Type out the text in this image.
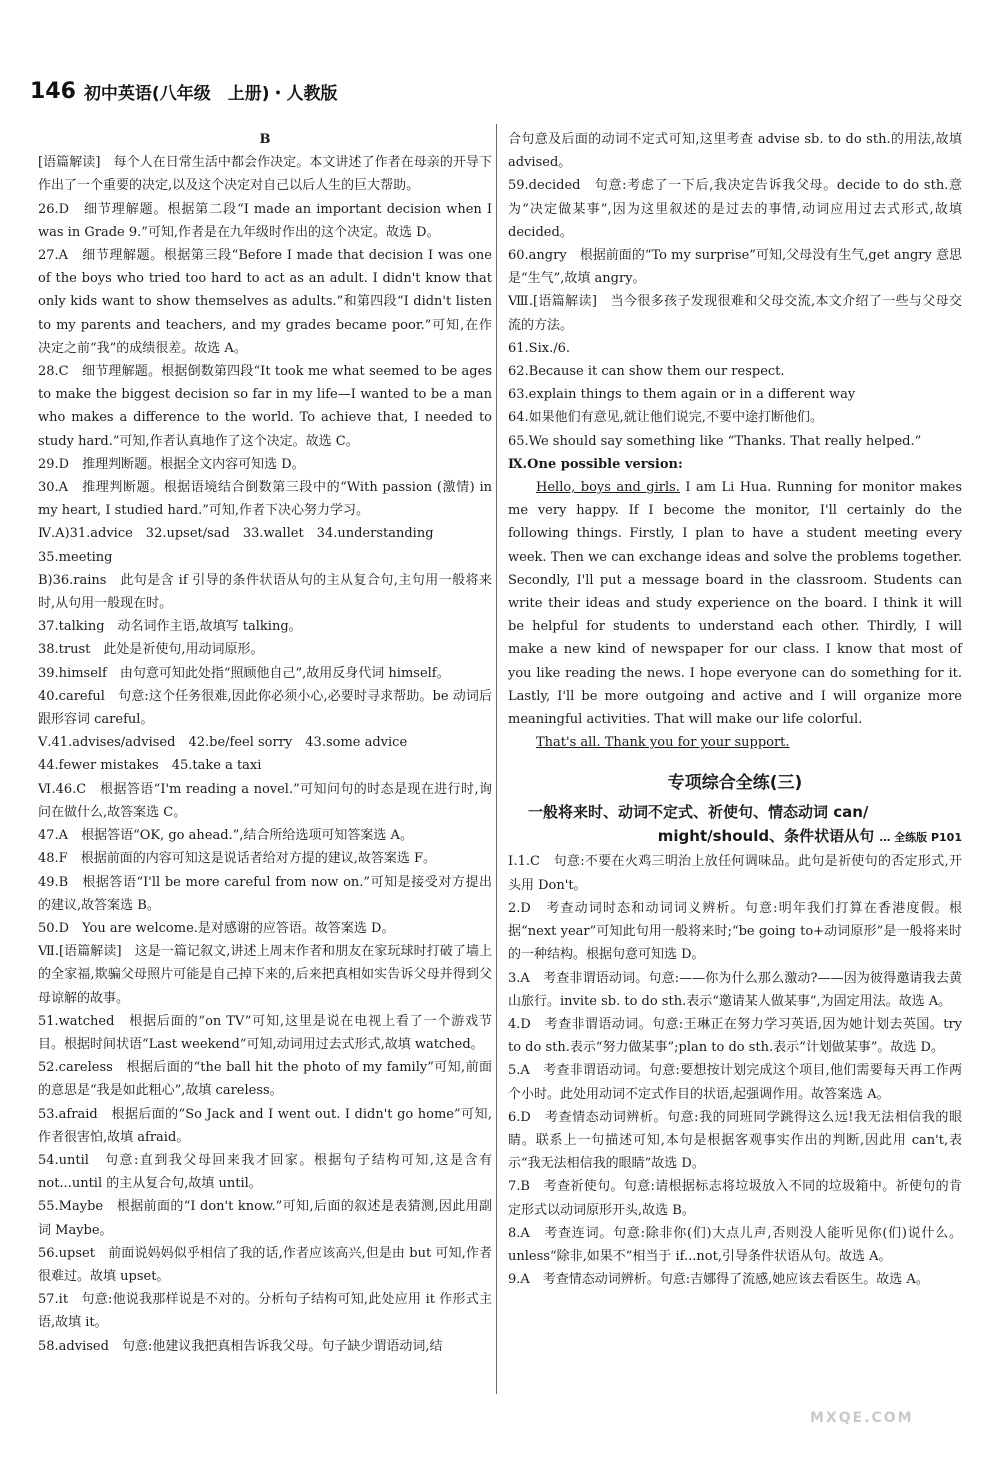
146 初中英语(八年级　上册)・人教版

B

[语篇解读]　每个人在日常生活中都会作决定。本文讲述了作者在母亲的开导下作出了一个重要的决定,以及这个决定对自己以后人生的巨大帮助。

26.D　细节理解题。根据第二段“I made an important decision when I was in Grade 9.”可知,作者是在九年级时作出的这个决定。故选 D。

27.A　细节理解题。根据第三段“Before I made that decision I was one of the boys who tried too hard to act as an adult. I didn't know that only kids want to show themselves as adults.”和第四段“I didn't listen to my parents and teachers, and my grades became poor.”可知,在作决定之前“我”的成绩很差。故选 A。

28.C　细节理解题。根据倒数第四段“It took me what seemed to be ages to make the biggest decision so far in my life—I wanted to be a man who makes a difference to the world. To achieve that, I needed to study hard.”可知,作者认真地作了这个决定。故选 C。

29.D　推理判断题。根据全文内容可知选 D。

30.A　推理判断题。根据语境结合倒数第三段中的“With passion (激情) in my heart, I studied hard.”可知,作者下决心努力学习。

Ⅳ.A)31.advice　32.upset/sad　33.wallet　34.understanding

35.meeting

B)36.rains　此句是含 if 引导的条件状语从句的主从复合句,主句用一般将来时,从句用一般现在时。

37.talking　动名词作主语,故填写 talking。

38.trust　此处是祈使句,用动词原形。

39.himself　由句意可知此处指“照顾他自己”,故用反身代词 himself。

40.careful　句意:这个任务很难,因此你必须小心,必要时寻求帮助。be 动词后跟形容词 careful。

Ⅴ.41.advises/advised　42.be/feel sorry　43.some advice

44.fewer mistakes　45.take a taxi

Ⅵ.46.C　根据答语“I'm reading a novel.”可知问句的时态是现在进行时,询问在做什么,故答案选 C。

47.A　根据答语“OK, go ahead.”,结合所给选项可知答案选 A。

48.F　根据前面的内容可知这是说话者给对方提的建议,故答案选 F。

49.B　根据答语“I'll be more careful from now on.”可知是接受对方提出的建议,故答案选 B。

50.D　You are welcome.是对感谢的应答语。故答案选 D。

Ⅶ.[语篇解读]　这是一篇记叙文,讲述上周末作者和朋友在家玩球时打破了墙上的全家福,欺骗父母照片可能是自己掉下来的,后来把真相如实告诉父母并得到父母谅解的故事。

51.watched　根据后面的“on TV”可知,这里是说在电视上看了一个游戏节目。根据时间状语“Last weekend”可知,动词用过去式形式,故填 watched。

52.careless　根据后面的“the ball hit the photo of my family”可知,前面的意思是“我是如此粗心”,故填 careless。

53.afraid　根据后面的“So Jack and I went out. I didn't go home”可知,作者很害怕,故填 afraid。

54.until　句意:直到我父母回来我才回家。根据句子结构可知,这是含有 not...until 的主从复合句,故填 until。

55.Maybe　根据前面的“I don't know.”可知,后面的叙述是表猜测,因此用副词 Maybe。

56.upset　前面说妈妈似乎相信了我的话,作者应该高兴,但是由 but 可知,作者很难过。故填 upset。

57.it　句意:他说我那样说是不对的。分析句子结构可知,此处应用 it 作形式主语,故填 it。

58.advised　句意:他建议我把真相告诉我父母。句子缺少谓语动词,结

合句意及后面的动词不定式可知,这里考查 advise sb. to do sth.的用法,故填 advised。

59.decided　句意:考虑了一下后,我决定告诉我父母。decide to do sth.意为“决定做某事”,因为这里叙述的是过去的事情,动词应用过去式形式,故填 decided。

60.angry　根据前面的“To my surprise”可知,父母没有生气,get angry 意思是“生气”,故填 angry。

Ⅷ.[语篇解读]　当今很多孩子发现很难和父母交流,本文介绍了一些与父母交流的方法。

61.Six./6.

62.Because it can show them our respect.

63.explain things to them again or in a different way

64.如果他们有意见,就让他们说完,不要中途打断他们。

65.We should say something like “Thanks. That really helped.”

Ⅸ.One possible version:

Hello, boys and girls. I am Li Hua. Running for monitor makes me very happy. If I become the monitor, I'll certainly do the following things. Firstly, I plan to have a student meeting every week. Then we can exchange ideas and solve the problems together. Secondly, I'll put a message board in the classroom. Students can write their ideas and study experience on the board. I think it will be helpful for students to understand each other. Thirdly, I will make a new kind of newspaper for our class. I know that most of you like reading the news. I hope everyone can do something for it. Lastly, I'll be more outgoing and active and I will organize more meaningful activities. That will make our life colorful.

That's all. Thank you for your support.

专项综合全练(三)
一般将来时、动词不定式、祈使句、情态动词 can/
might/should、条件状语从句 … 全练版 P101

Ⅰ.1.C　句意:不要在火鸡三明治上放任何调味品。此句是祈使句的否定形式,开头用 Don't。

2.D　考查动词时态和动词词义辨析。句意:明年我们打算在香港度假。根据“next year”可知此句用一般将来时;“be going to+动词原形”是一般将来时的一种结构。根据句意可知选 D。

3.A　考查非谓语动词。句意:——你为什么那么激动?——因为彼得邀请我去黄山旅行。invite sb. to do sth.表示“邀请某人做某事”,为固定用法。故选 A。

4.D　考查非谓语动词。句意:王琳正在努力学习英语,因为她计划去英国。try to do sth.表示“努力做某事”;plan to do sth.表示“计划做某事”。故选 D。

5.A　考查非谓语动词。句意:要想按计划完成这个项目,他们需要每天再工作两个小时。此处用动词不定式作目的状语,起强调作用。故答案选 A。

6.D　考查情态动词辨析。句意:我的同班同学跳得这么远!我无法相信我的眼睛。联系上一句描述可知,本句是根据客观事实作出的判断,因此用 can't,表示“我无法相信我的眼睛”故选 D。

7.B　考查祈使句。句意:请根据标志将垃圾放入不同的垃圾箱中。祈使句的肯定形式以动词原形开头,故选 B。

8.A　考查连词。句意:除非你(们)大点儿声,否则没人能听见你(们)说什么。unless“除非,如果不”相当于 if...not,引导条件状语从句。故选 A。

9.A　考查情态动词辨析。句意:吉娜得了流感,她应该去看医生。故选 A。

MXQE.COM
